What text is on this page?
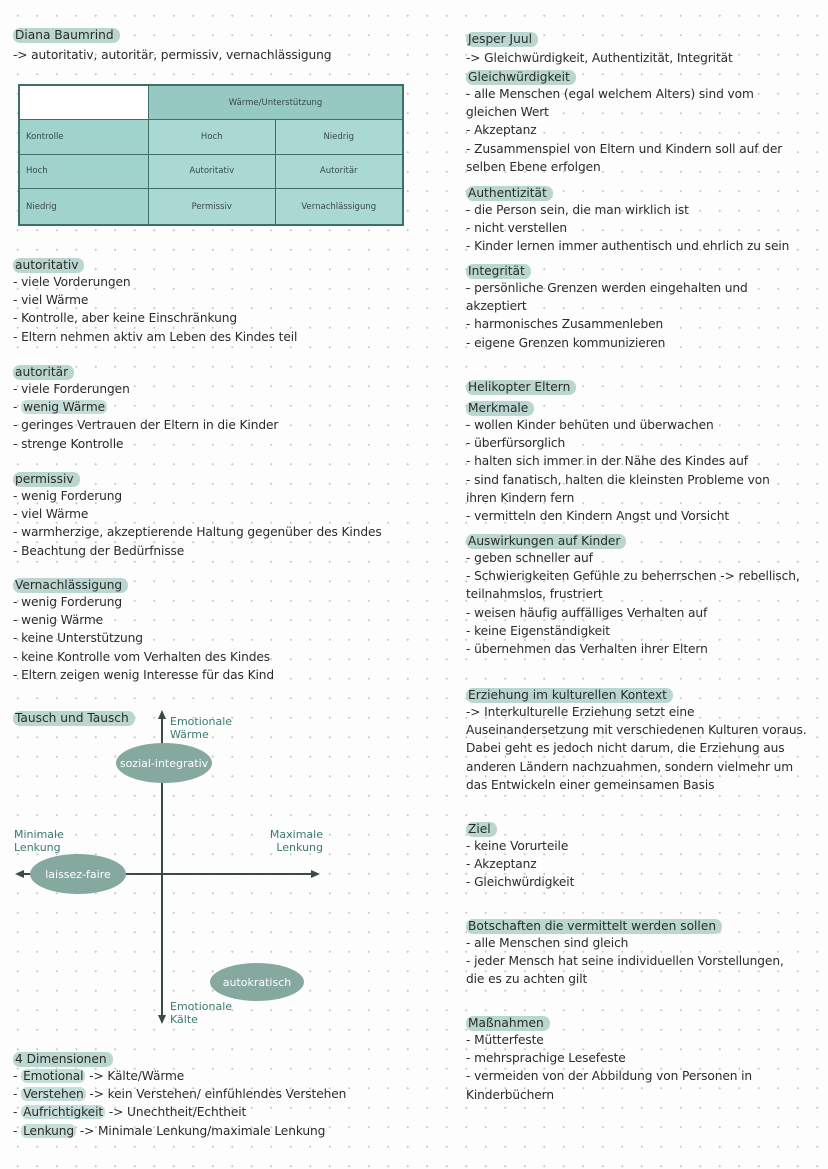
Diana Baumrind
-> autoritativ, autoritär, permissiv, vernachlässigung
Wärme/Unterstützung
Kontrolle	Hoch	Niedrig
Hoch	Autoritativ	Autoritär
Niedrig	Permissiv	Vernachlässigung
autoritativ
- viele Vorderungen
- viel Wärme
- Kontrolle, aber keine Einschränkung
- Eltern nehmen aktiv am Leben des Kindes teil
autoritär
- viele Forderungen
- wenig Wärme
- geringes Vertrauen der Eltern in die Kinder
- strenge Kontrolle
permissiv
- wenig Forderung
- viel Wärme
- warmherzige, akzeptierende Haltung gegenüber des Kindes
- Beachtung der Bedürfnisse
Vernachlässigung
- wenig Forderung
- wenig Wärme
- keine Unterstützung
- keine Kontrolle vom Verhalten des Kindes
- Eltern zeigen wenig Interesse für das Kind
Tausch und Tausch	Emotionale
Wärme
Emotionale
Kälte
Minimale
Lenkung
Maximale
Lenkung
sozial-integrativ
laissez-faire
autokratisch
4 Dimensionen
- Emotional -> Kälte/Wärme
- Verstehen -> kein Verstehen/ einfühlendes Verstehen
- Aufrichtigkeit -> Unechtheit/Echtheit
- Lenkung -> Minimale Lenkung/maximale Lenkung
Jesper Juul
-> Gleichwürdigkeit, Authentizität, Integrität
Gleichwürdigkeit
- alle Menschen (egal welchem Alters) sind vom
gleichen Wert
- Akzeptanz
- Zusammenspiel von Eltern und Kindern soll auf der
selben Ebene erfolgen
Authentizität
- die Person sein, die man wirklich ist
- nicht verstellen
- Kinder lernen immer authentisch und ehrlich zu sein
Integrität
- persönliche Grenzen werden eingehalten und
akzeptiert
- harmonisches Zusammenleben
- eigene Grenzen kommunizieren
Helikopter Eltern
Merkmale
- wollen Kinder behüten und überwachen
- überfürsorglich
- halten sich immer in der Nähe des Kindes auf
- sind fanatisch, halten die kleinsten Probleme von
ihren Kindern fern
- vermitteln den Kindern Angst und Vorsicht
Auswirkungen auf Kinder
- geben schneller auf
- Schwierigkeiten Gefühle zu beherrschen -> rebellisch,
teilnahmslos, frustriert
- weisen häufig auffälliges Verhalten auf
- keine Eigenständigkeit
- übernehmen das Verhalten ihrer Eltern
Erziehung im kulturellen Kontext
-> Interkulturelle Erziehung setzt eine
Auseinandersetzung mit verschiedenen Kulturen voraus.
Dabei geht es jedoch nicht darum, die Erziehung aus
anderen Ländern nachzuahmen, sondern vielmehr um
das Entwickeln einer gemeinsamen Basis
Ziel
- keine Vorurteile
- Akzeptanz
- Gleichwürdigkeit
Botschaften die vermittelt werden sollen
- alle Menschen sind gleich
- jeder Mensch hat seine individuellen Vorstellungen,
die es zu achten gilt
Maßnahmen
- Mütterfeste
- mehrsprachige Lesefeste
- vermeiden von der Abbildung von Personen in
Kinderbüchern
